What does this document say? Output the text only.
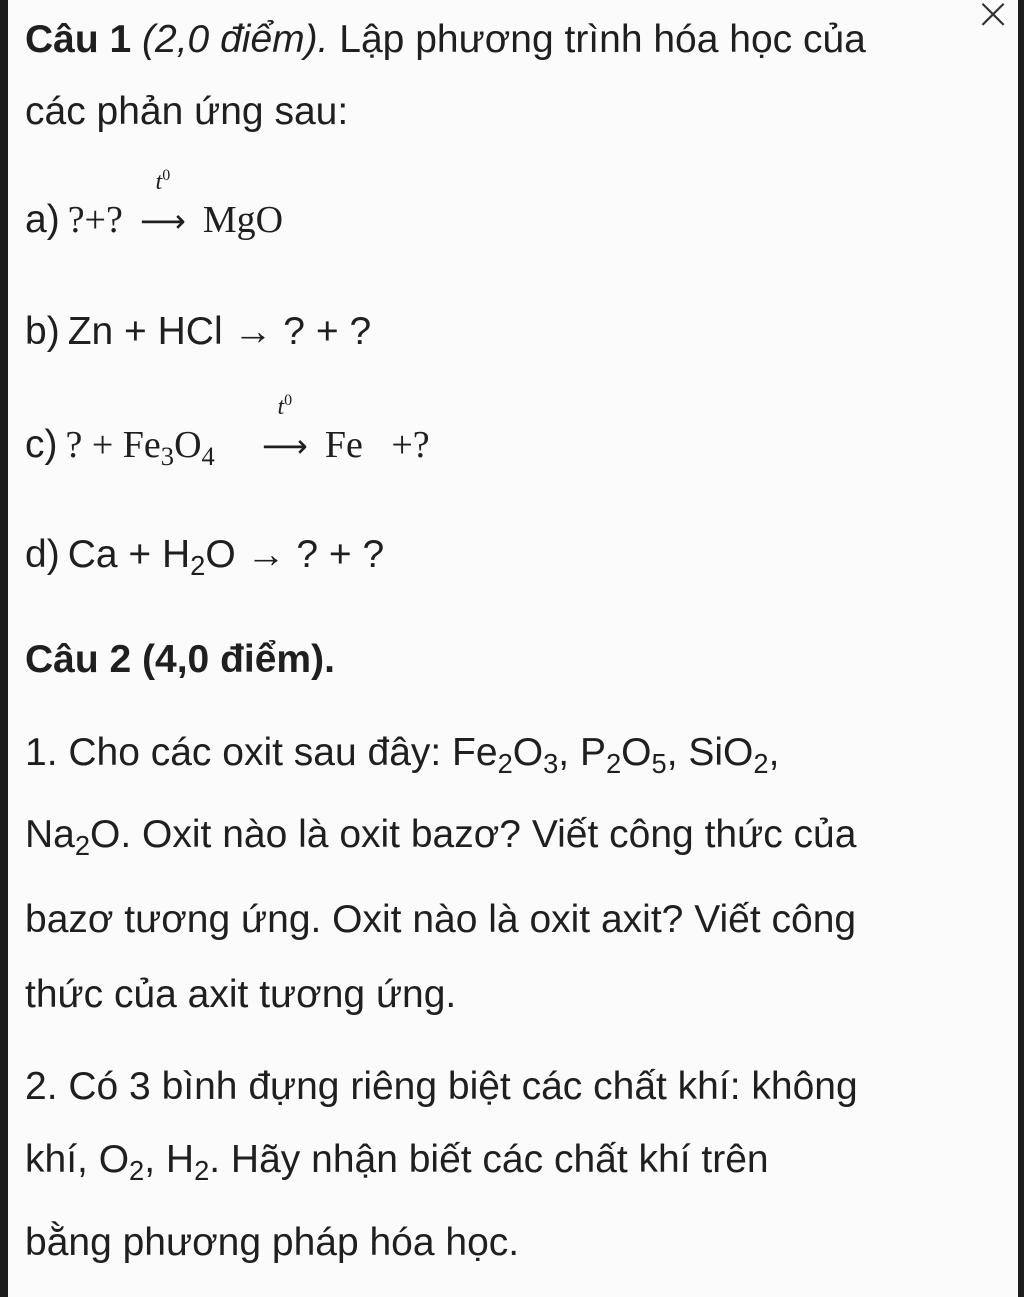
×
Câu 1 (2,0 điểm). Lập phương trình hóa học của
các phản ứng sau:
a) ?+?
$t^0$
⟶ MgO
b) Zn + HCl → ? + ?
c) ? + $Fe_3O_4$
$t^0$
⟶ Fe   +?
d) $Ca + H_2O$ → ? + ?
Câu 2 (4,0 điểm).
1. Cho các oxit sau đây: $Fe_2O_3$, $P_2O_5$, SiO$_2$,
$Na_2O$. Oxit nào là oxit bazơ? Viết công thức của
bazơ tương ứng. Oxit nào là oxit axit? Viết công
thức của axit tương ứng.
2. Có 3 bình đựng riêng biệt các chất khí: không
khí, $O_2$, $H_2$. Hãy nhận biết các chất khí trên
bằng phương pháp hóa học.
